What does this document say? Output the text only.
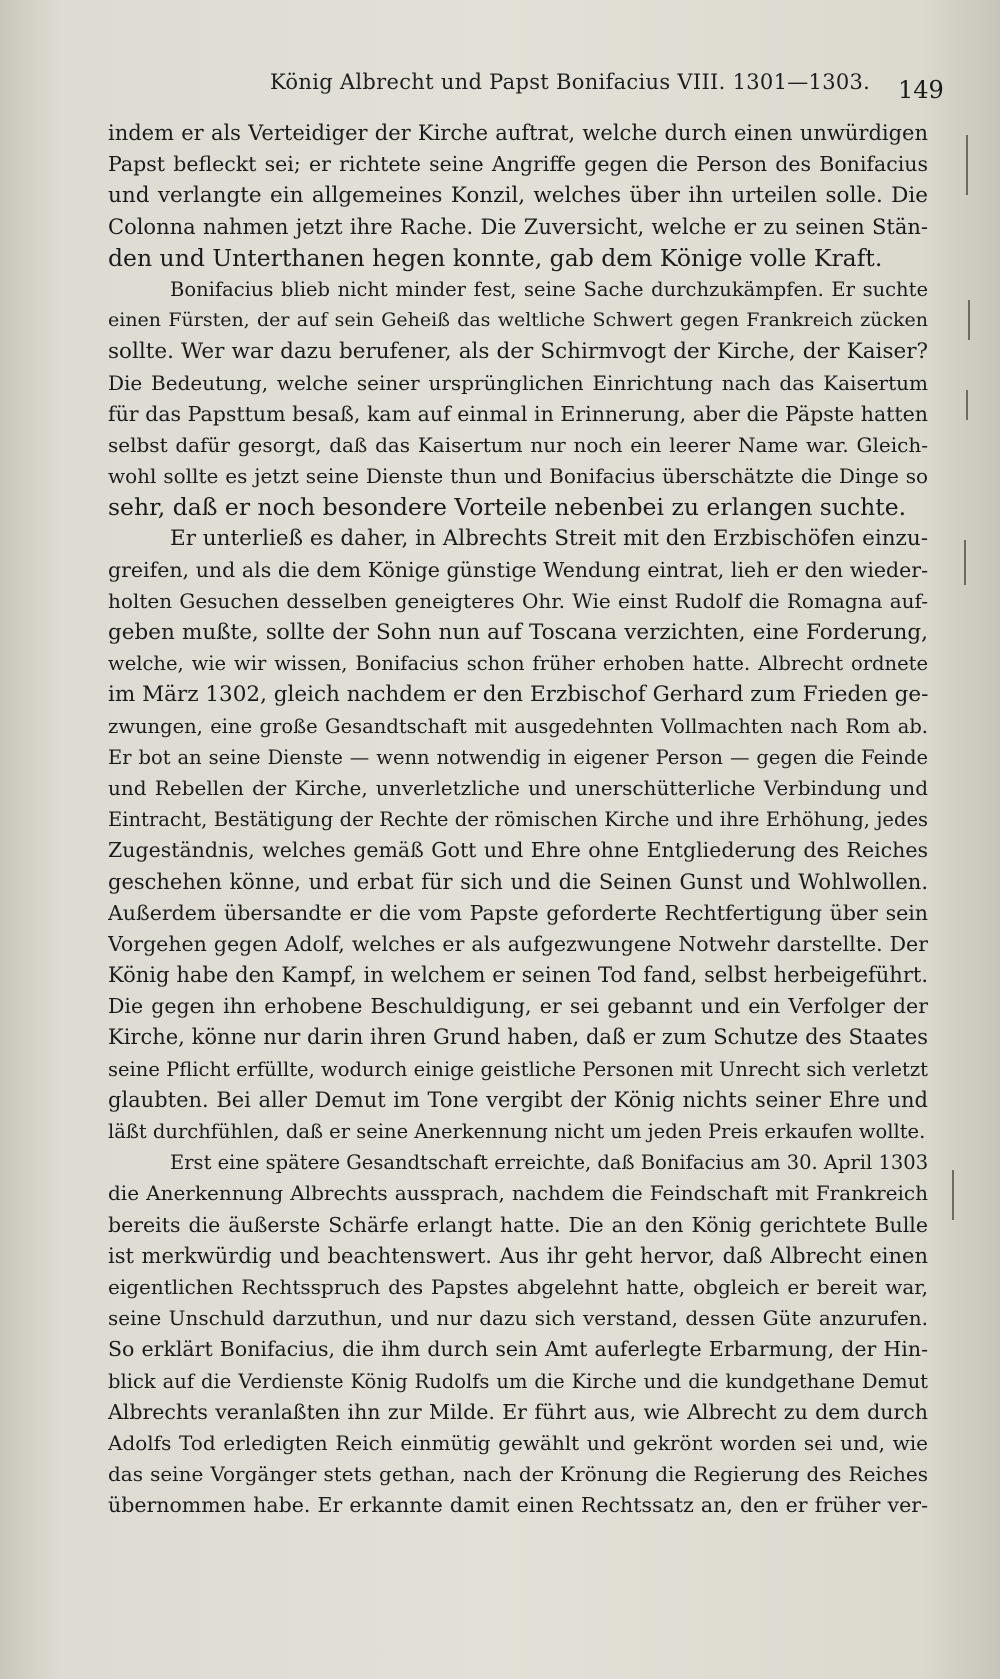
König Albrecht und Papst Bonifacius VIII. 1301—1303. 149
indem er als Verteidiger der Kirche auftrat, welche durch einen unwürdigen
Papst befleckt sei; er richtete seine Angriffe gegen die Person des Bonifacius
und verlangte ein allgemeines Konzil, welches über ihn urteilen solle. Die
Colonna nahmen jetzt ihre Rache. Die Zuversicht, welche er zu seinen Stän-
den und Unterthanen hegen konnte, gab dem Könige volle Kraft.
Bonifacius blieb nicht minder fest, seine Sache durchzukämpfen. Er suchte
einen Fürsten, der auf sein Geheiß das weltliche Schwert gegen Frankreich zücken
sollte. Wer war dazu berufener, als der Schirmvogt der Kirche, der Kaiser?
Die Bedeutung, welche seiner ursprünglichen Einrichtung nach das Kaisertum
für das Papsttum besaß, kam auf einmal in Erinnerung, aber die Päpste hatten
selbst dafür gesorgt, daß das Kaisertum nur noch ein leerer Name war. Gleich-
wohl sollte es jetzt seine Dienste thun und Bonifacius überschätzte die Dinge so
sehr, daß er noch besondere Vorteile nebenbei zu erlangen suchte.
Er unterließ es daher, in Albrechts Streit mit den Erzbischöfen einzu-
greifen, und als die dem Könige günstige Wendung eintrat, lieh er den wieder-
holten Gesuchen desselben geneigteres Ohr. Wie einst Rudolf die Romagna auf-
geben mußte, sollte der Sohn nun auf Toscana verzichten, eine Forderung,
welche, wie wir wissen, Bonifacius schon früher erhoben hatte. Albrecht ordnete
im März 1302, gleich nachdem er den Erzbischof Gerhard zum Frieden ge-
zwungen, eine große Gesandtschaft mit ausgedehnten Vollmachten nach Rom ab.
Er bot an seine Dienste — wenn notwendig in eigener Person — gegen die Feinde
und Rebellen der Kirche, unverletzliche und unerschütterliche Verbindung und
Eintracht, Bestätigung der Rechte der römischen Kirche und ihre Erhöhung, jedes
Zugeständnis, welches gemäß Gott und Ehre ohne Entgliederung des Reiches
geschehen könne, und erbat für sich und die Seinen Gunst und Wohlwollen.
Außerdem übersandte er die vom Papste geforderte Rechtfertigung über sein
Vorgehen gegen Adolf, welches er als aufgezwungene Notwehr darstellte. Der
König habe den Kampf, in welchem er seinen Tod fand, selbst herbeigeführt.
Die gegen ihn erhobene Beschuldigung, er sei gebannt und ein Verfolger der
Kirche, könne nur darin ihren Grund haben, daß er zum Schutze des Staates
seine Pflicht erfüllte, wodurch einige geistliche Personen mit Unrecht sich verletzt
glaubten. Bei aller Demut im Tone vergibt der König nichts seiner Ehre und
läßt durchfühlen, daß er seine Anerkennung nicht um jeden Preis erkaufen wollte.
Erst eine spätere Gesandtschaft erreichte, daß Bonifacius am 30. April 1303
die Anerkennung Albrechts aussprach, nachdem die Feindschaft mit Frankreich
bereits die äußerste Schärfe erlangt hatte. Die an den König gerichtete Bulle
ist merkwürdig und beachtenswert. Aus ihr geht hervor, daß Albrecht einen
eigentlichen Rechtsspruch des Papstes abgelehnt hatte, obgleich er bereit war,
seine Unschuld darzuthun, und nur dazu sich verstand, dessen Güte anzurufen.
So erklärt Bonifacius, die ihm durch sein Amt auferlegte Erbarmung, der Hin-
blick auf die Verdienste König Rudolfs um die Kirche und die kundgethane Demut
Albrechts veranlaßten ihn zur Milde. Er führt aus, wie Albrecht zu dem durch
Adolfs Tod erledigten Reich einmütig gewählt und gekrönt worden sei und, wie
das seine Vorgänger stets gethan, nach der Krönung die Regierung des Reiches
übernommen habe. Er erkannte damit einen Rechtssatz an, den er früher ver-
